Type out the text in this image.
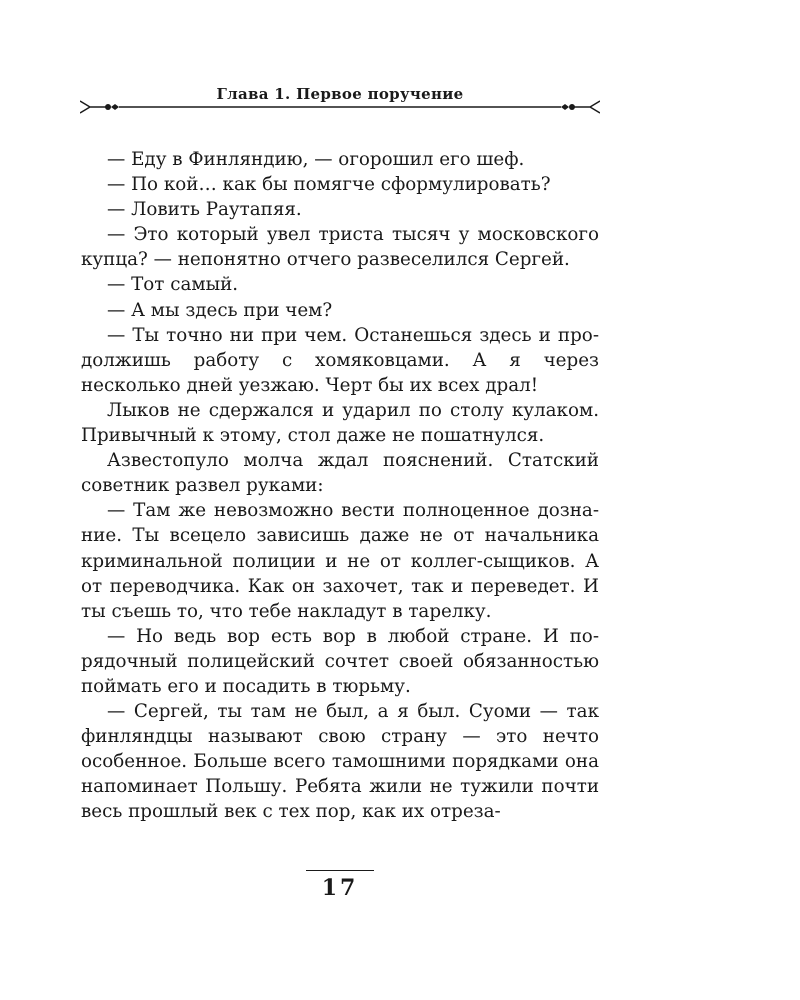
Глава 1. Первое поручение

— Еду в Финляндию, — огорошил его шеф.

— По кой… как бы помягче сформулировать?

— Ловить Раутапяя.

— Это который увел триста тысяч у московского купца? — непонятно отчего развеселился Сергей.

— Тот самый.

— А мы здесь при чем?

— Ты точно ни при чем. Останешься здесь и продолжишь работу с хомяковцами. А я через несколько дней уезжаю. Черт бы их всех драл!

Лыков не сдержался и ударил по столу кулаком. Привычный к этому, стол даже не пошатнулся.

Азвестопуло молча ждал пояснений. Статский советник развел руками:

— Там же невозможно вести полноценное дознание. Ты всецело зависишь даже не от начальника криминальной полиции и не от коллег-сыщиков. А от переводчика. Как он захочет, так и переведет. И ты съешь то, что тебе накладут в тарелку.

— Но ведь вор есть вор в любой стране. И порядочный полицейский сочтет своей обязанностью поймать его и посадить в тюрьму.

— Сергей, ты там не был, а я был. Суоми — так финляндцы называют свою страну — это нечто особенное. Больше всего тамошними порядками она напоминает Польшу. Ребята жили не тужили почти весь прошлый век с тех пор, как их отреза-

17
